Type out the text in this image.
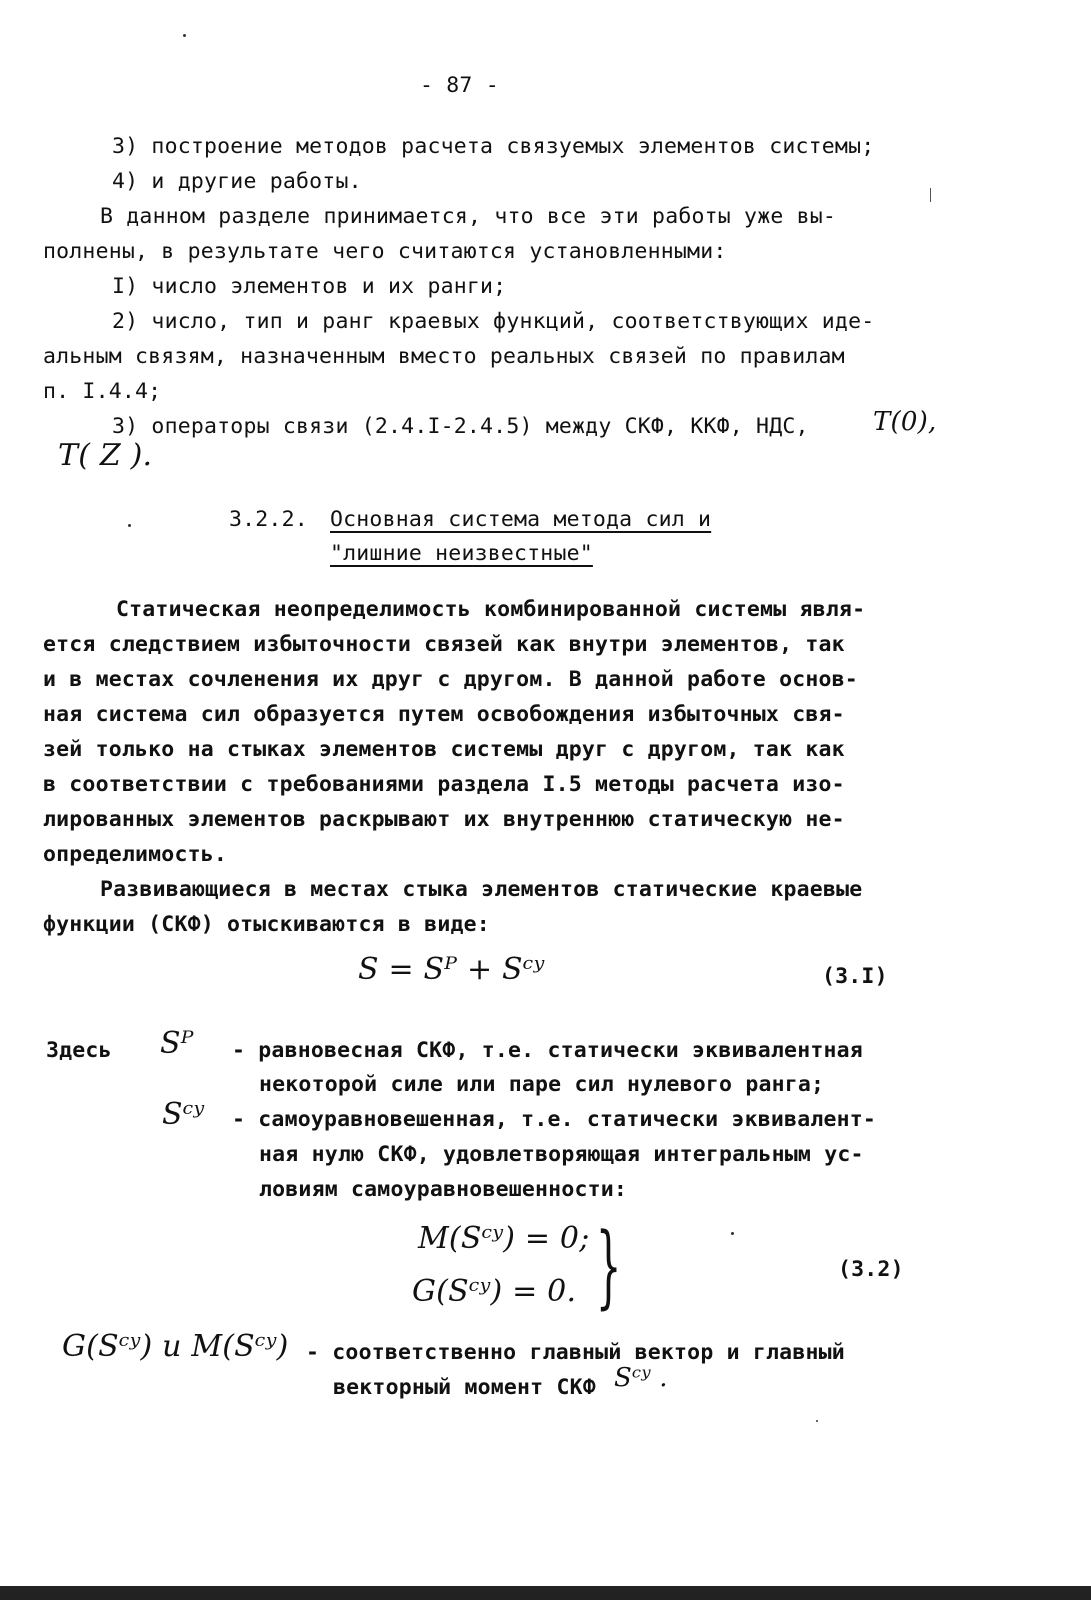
- 87 -
3) построение методов расчета связуемых элементов системы;
4) и другие работы.
В данном разделе принимается, что все эти работы уже вы-
полнены, в результате чего считаются установленными:
I) число элементов и их ранги;
2) число, тип и ранг краевых функций, соответствующих иде-
альным связям, назначенным вместо реальных связей по правилам
п. I.4.4;
3) операторы связи (2.4.I-2.4.5) между СКФ, ККФ, НДС, T(0),
T( Z ).
3.2.2. Основная система метода сил и
"лишние неизвестные"
Статическая неопределимость комбинированной системы явля-
ется следствием избыточности связей как внутри элементов, так
и в местах сочленения их друг с другом. В данной работе основ-
ная система сил образуется путем освобождения избыточных свя-
зей только на стыках элементов системы друг с другом, так как
в соответствии с требованиями раздела I.5 методы расчета изо-
лированных элементов раскрывают их внутреннюю статическую не-
определимость.
Развивающиеся в местах стыка элементов статические краевые
функции (СКФ) отыскиваются в виде:
S = Sᴾ + Sᶜʸ	(3.I)
Здесь Sᴾ - равновесная СКФ, т.е. статически эквивалентная
некоторой силе или паре сил нулевого ранга;
Sᶜʸ - самоуравновешенная, т.е. статически эквивалент-
ная нулю СКФ, удовлетворяющая интегральным ус-
ловиям самоуравновешенности:
M(Sᶜʸ) = 0;
G(Sᶜʸ) = 0. }	(3.2)
G(Sᶜʸ) и M(Sᶜʸ) - соответственно главный вектор и главный
векторный момент СКФ Sᶜʸ .
